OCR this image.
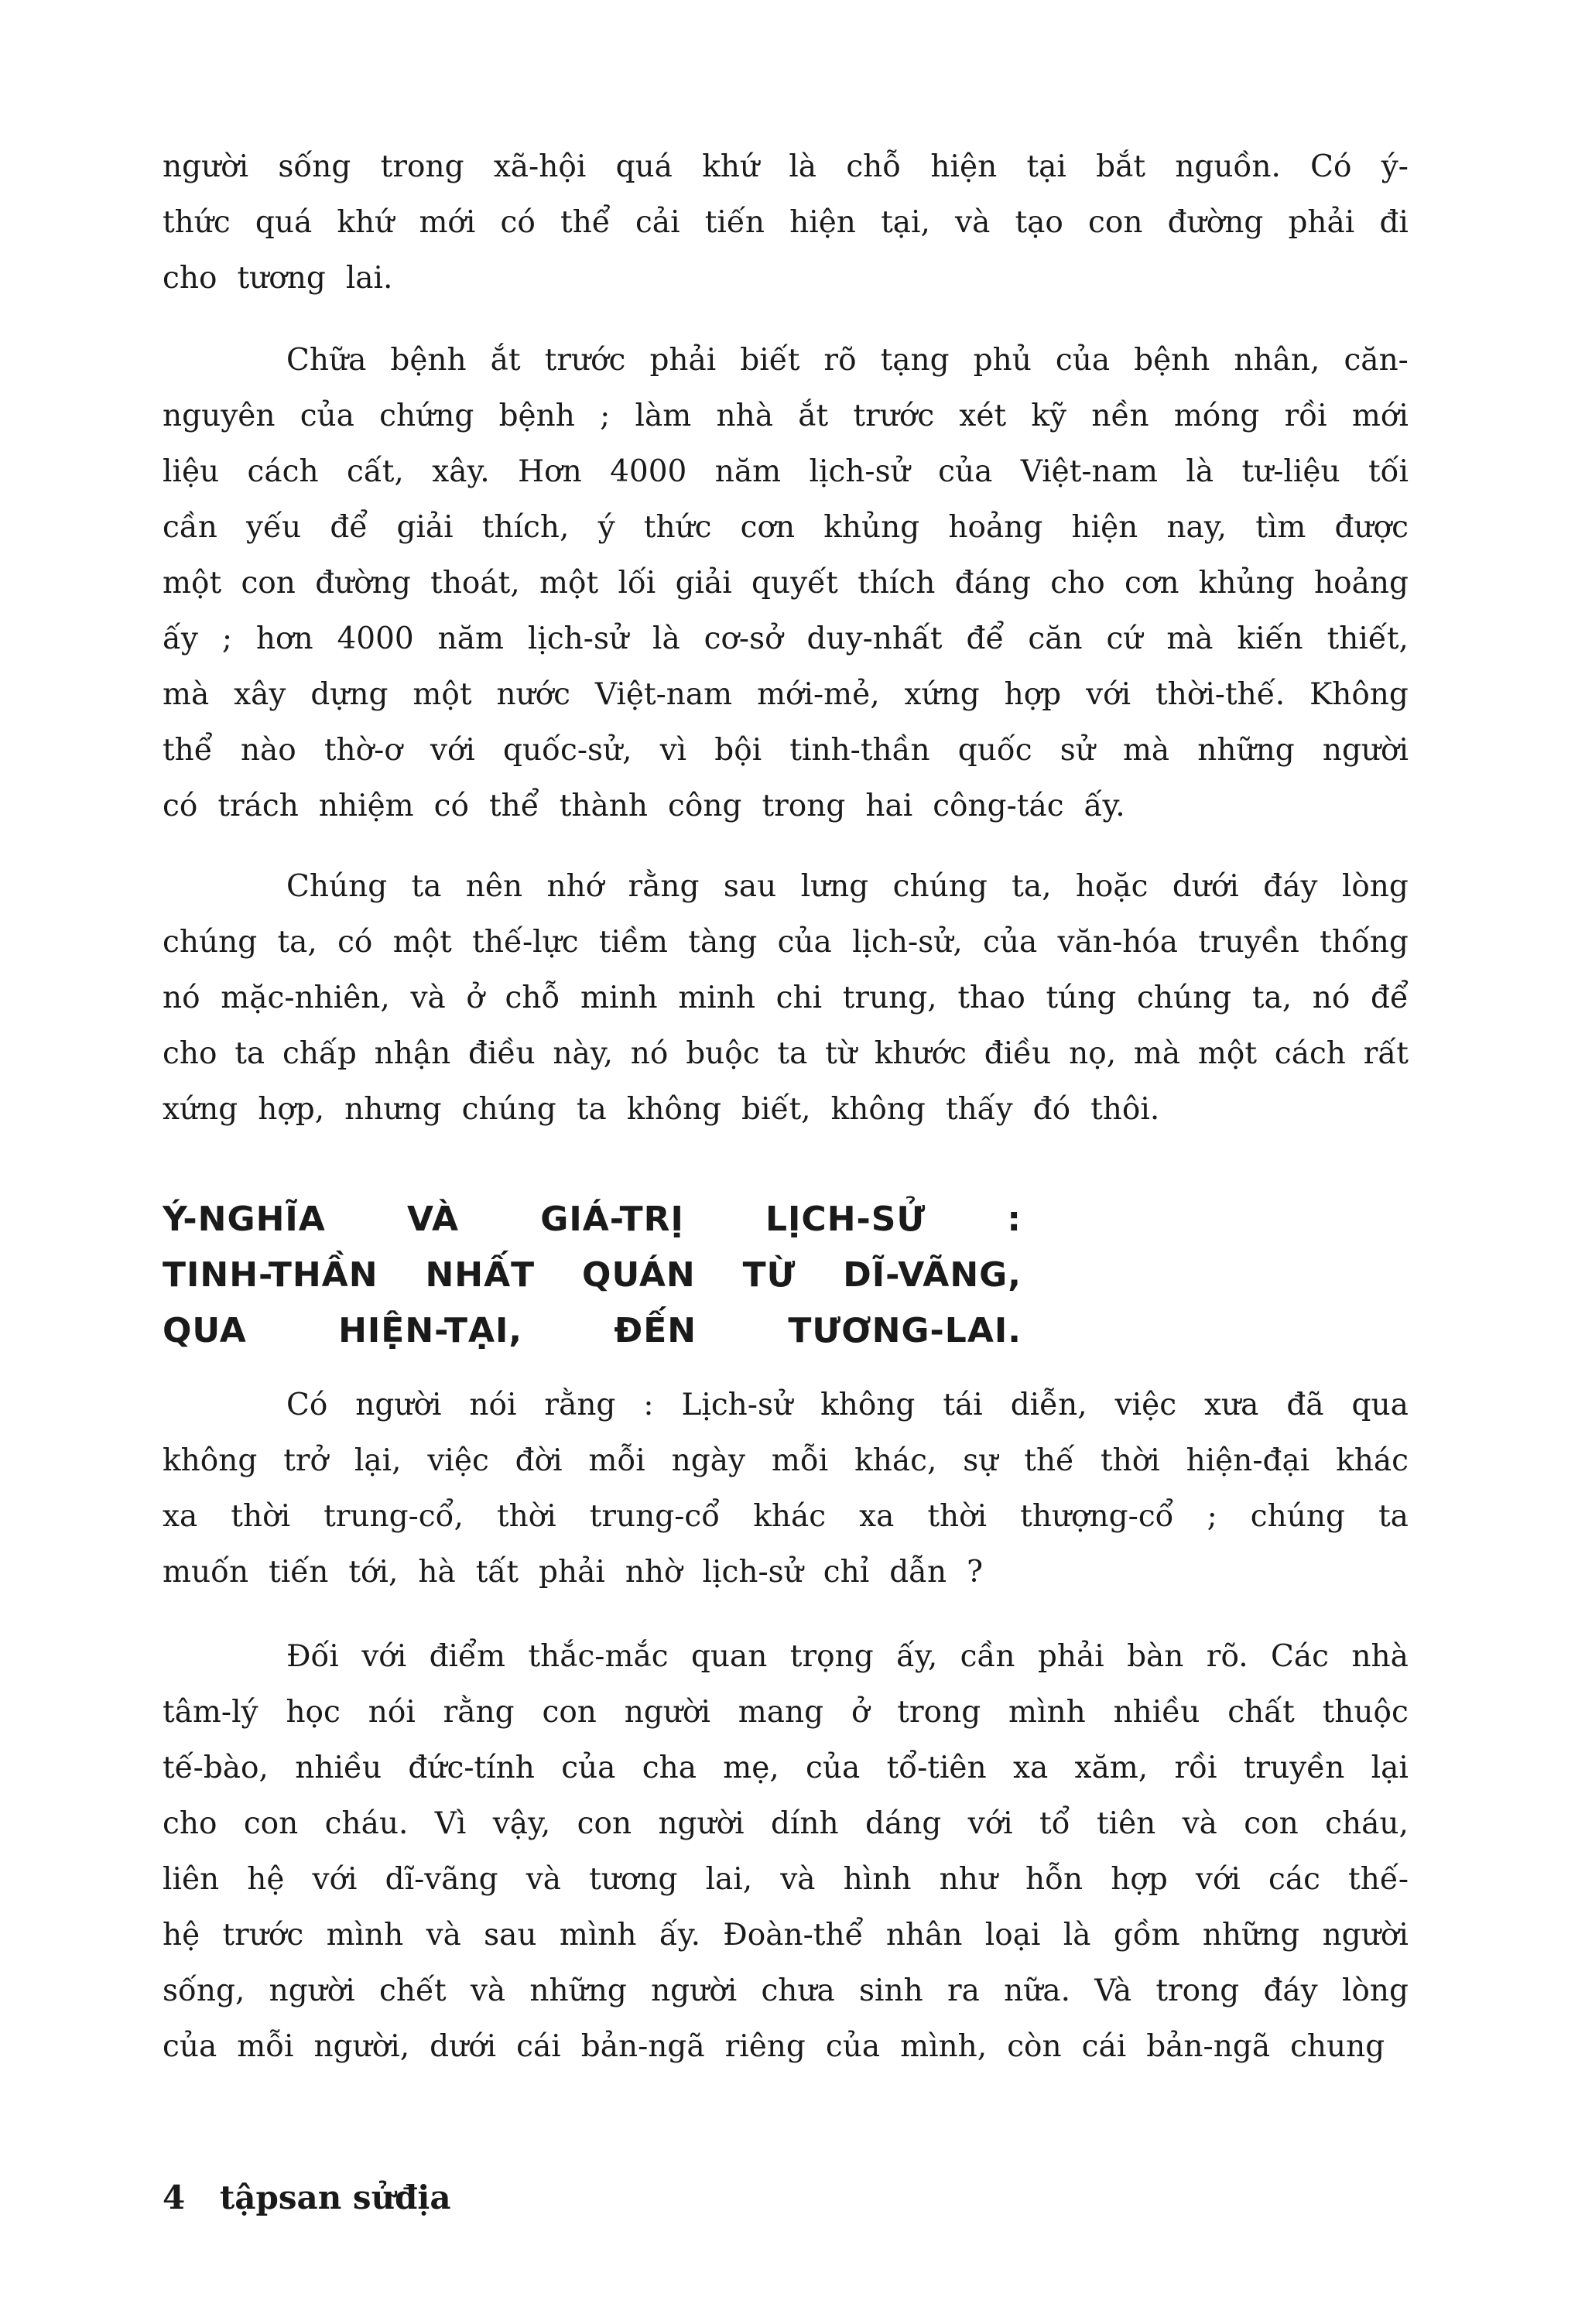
người sống trong xã-hội quá khứ là chỗ hiện tại bắt nguồn. Có ý-
thức quá khứ mới có thể cải tiến hiện tại, và tạo con đường phải đi
cho tương lai.
Chữa bệnh ắt trước phải biết rõ tạng phủ của bệnh nhân, căn-
nguyên của chứng bệnh ; làm nhà ắt trước xét kỹ nền móng rồi mới
liệu cách cất, xây. Hơn 4000 năm lịch-sử của Việt-nam là tư-liệu tối
cần yếu để giải thích, ý thức cơn khủng hoảng hiện nay, tìm được
một con đường thoát, một lối giải quyết thích đáng cho cơn khủng hoảng
ấy ; hơn 4000 năm lịch-sử là cơ-sở duy-nhất để căn cứ mà kiến thiết,
mà xây dựng một nước Việt-nam mới-mẻ, xứng hợp với thời-thế. Không
thể nào thờ-ơ với quốc-sử, vì bội tinh-thần quốc sử mà những người
có trách nhiệm có thể thành công trong hai công-tác ấy.
Chúng ta nên nhớ rằng sau lưng chúng ta, hoặc dưới đáy lòng
chúng ta, có một thế-lực tiềm tàng của lịch-sử, của văn-hóa truyền thống
nó mặc-nhiên, và ở chỗ minh minh chi trung, thao túng chúng ta, nó để
cho ta chấp nhận điều này, nó buộc ta từ khước điều nọ, mà một cách rất
xứng hợp, nhưng chúng ta không biết, không thấy đó thôi.
Có người nói rằng : Lịch-sử không tái diễn, việc xưa đã qua
không trở lại, việc đời mỗi ngày mỗi khác, sự thế thời hiện-đại khác
xa thời trung-cổ, thời trung-cổ khác xa thời thượng-cổ ; chúng ta
muốn tiến tới, hà tất phải nhờ lịch-sử chỉ dẫn ?
Đối với điểm thắc-mắc quan trọng ấy, cần phải bàn rõ. Các nhà
tâm-lý học nói rằng con người mang ở trong mình nhiều chất thuộc
tế-bào, nhiều đức-tính của cha mẹ, của tổ-tiên xa xăm, rồi truyền lại
cho con cháu. Vì vậy, con người dính dáng với tổ tiên và con cháu,
liên hệ với dĩ-vãng và tương lai, và hình như hỗn hợp với các thế-
hệ trước mình và sau mình ấy. Đoàn-thể nhân loại là gồm những người
sống, người chết và những người chưa sinh ra nữa. Và trong đáy lòng
của mỗi người, dưới cái bản-ngã riêng của mình, còn cái bản-ngã chung
Ý-NGHĨA VÀ GIÁ-TRỊ LỊCH-SỬ :
TINH-THẦN NHẤT QUÁN TỪ DĨ-VÃNG,
QUA	HIỆN-TẠI,	ĐẾN	TƯƠNG-LAI.
4 tậpsan sửđịa
